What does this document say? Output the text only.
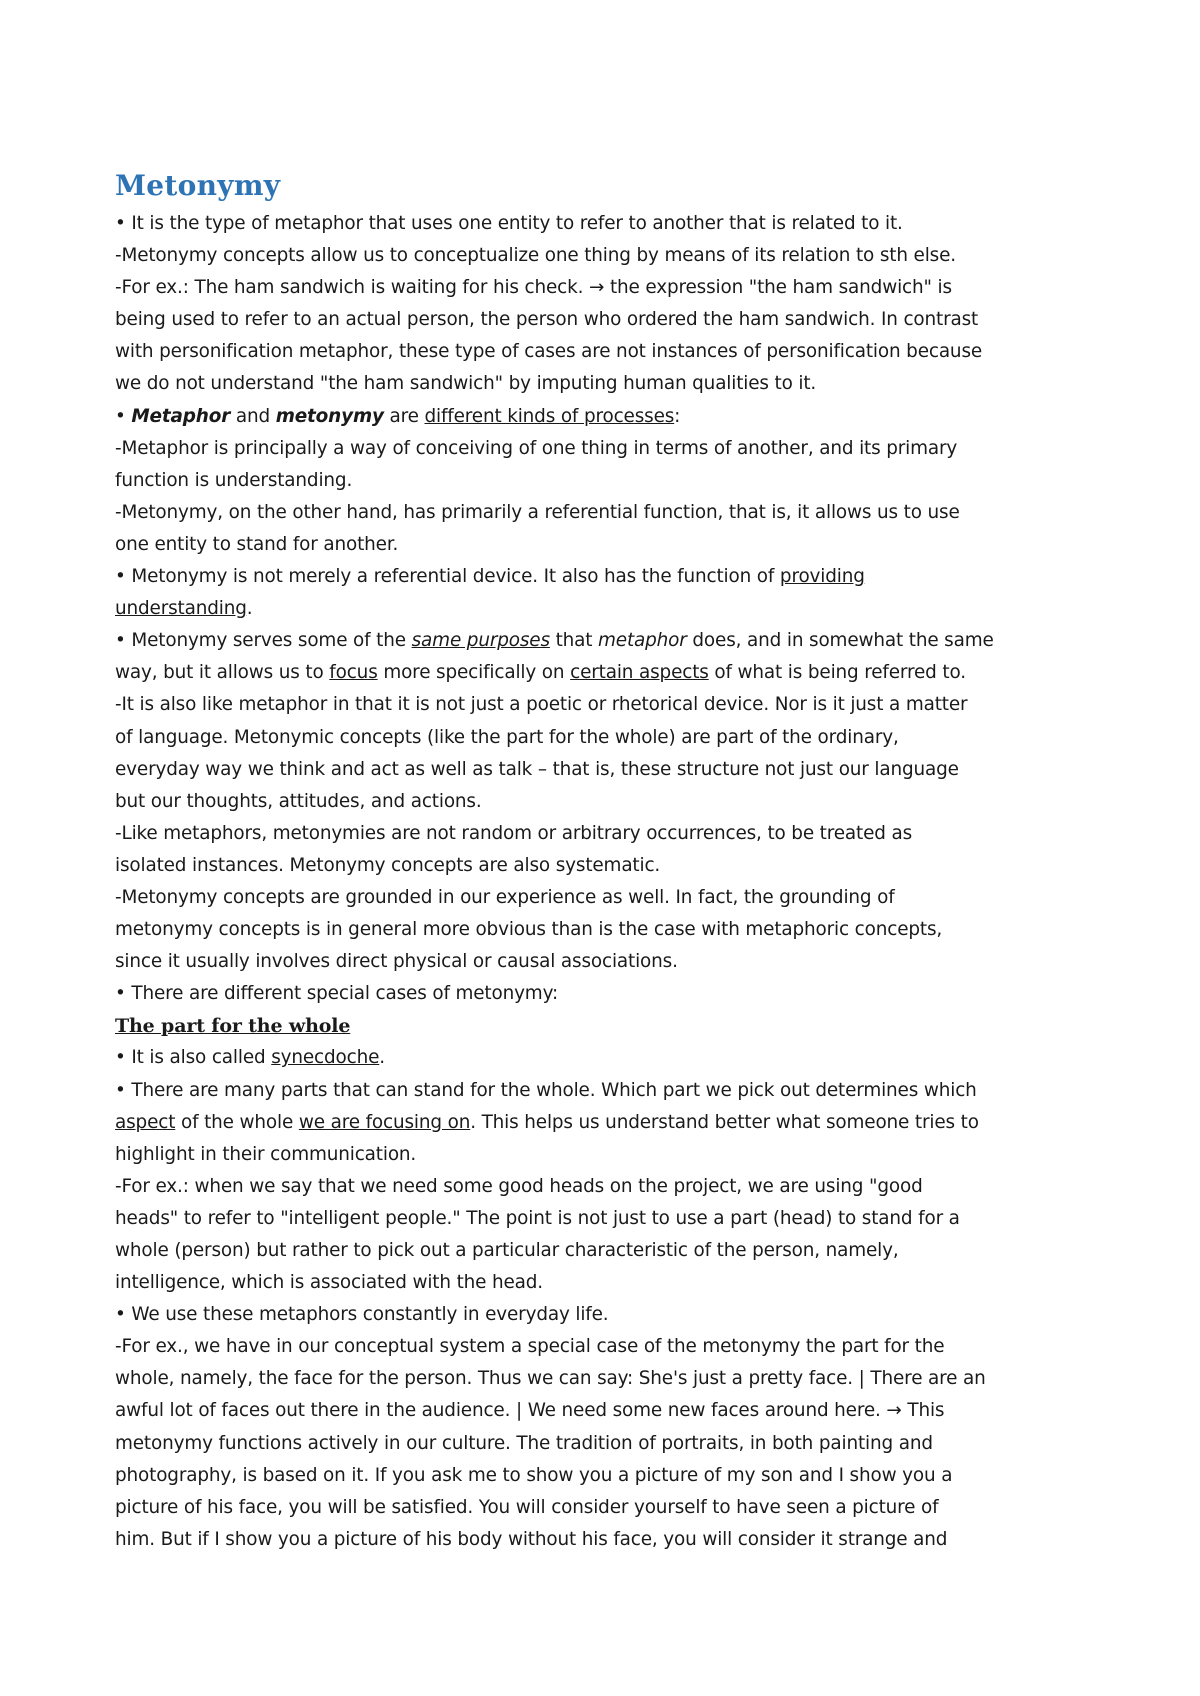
Metonymy
• It is the type of metaphor that uses one entity to refer to another that is related to it.
-Metonymy concepts allow us to conceptualize one thing by means of its relation to sth else.
-For ex.: The ham sandwich is waiting for his check. → the expression "the ham sandwich" is
being used to refer to an actual person, the person who ordered the ham sandwich. In contrast
with personification metaphor, these type of cases are not instances of personification because
we do not understand "the ham sandwich" by imputing human qualities to it.
• Metaphor and metonymy are different kinds of processes:
-Metaphor is principally a way of conceiving of one thing in terms of another, and its primary
function is understanding.
-Metonymy, on the other hand, has primarily a referential function, that is, it allows us to use
one entity to stand for another.
• Metonymy is not merely a referential device. It also has the function of providing
understanding.
• Metonymy serves some of the same purposes that metaphor does, and in somewhat the same
way, but it allows us to focus more specifically on certain aspects of what is being referred to.
-It is also like metaphor in that it is not just a poetic or rhetorical device. Nor is it just a matter
of language. Metonymic concepts (like the part for the whole) are part of the ordinary,
everyday way we think and act as well as talk – that is, these structure not just our language
but our thoughts, attitudes, and actions.
-Like metaphors, metonymies are not random or arbitrary occurrences, to be treated as
isolated instances. Metonymy concepts are also systematic.
-Metonymy concepts are grounded in our experience as well. In fact, the grounding of
metonymy concepts is in general more obvious than is the case with metaphoric concepts,
since it usually involves direct physical or causal associations.
• There are different special cases of metonymy:
The part for the whole
• It is also called synecdoche.
• There are many parts that can stand for the whole. Which part we pick out determines which
aspect of the whole we are focusing on. This helps us understand better what someone tries to
highlight in their communication.
-For ex.: when we say that we need some good heads on the project, we are using "good
heads" to refer to "intelligent people." The point is not just to use a part (head) to stand for a
whole (person) but rather to pick out a particular characteristic of the person, namely,
intelligence, which is associated with the head.
• We use these metaphors constantly in everyday life.
-For ex., we have in our conceptual system a special case of the metonymy the part for the
whole, namely, the face for the person. Thus we can say: She's just a pretty face. | There are an
awful lot of faces out there in the audience. | We need some new faces around here. → This
metonymy functions actively in our culture. The tradition of portraits, in both painting and
photography, is based on it. If you ask me to show you a picture of my son and I show you a
picture of his face, you will be satisfied. You will consider yourself to have seen a picture of
him. But if I show you a picture of his body without his face, you will consider it strange and
